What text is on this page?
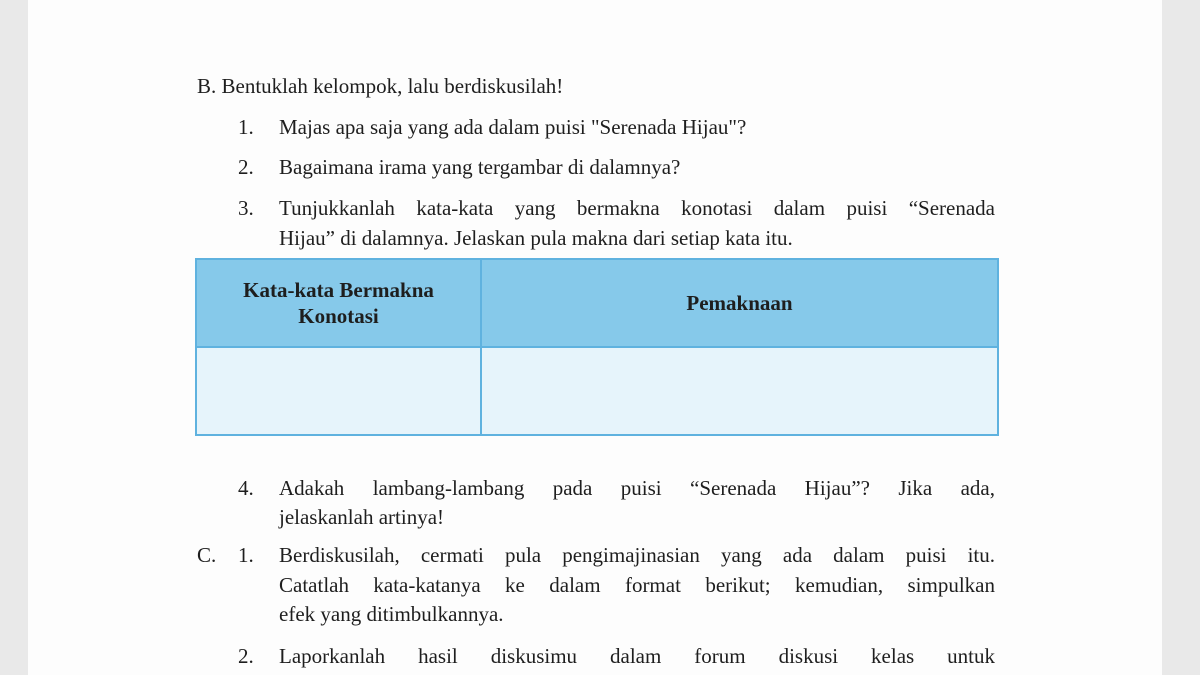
B. Bentuklah kelompok, lalu berdiskusilah!
1. Majas apa saja yang ada dalam puisi "Serenada Hijau"?
2. Bagaimana irama yang tergambar di dalamnya?
3. Tunjukkanlah kata-kata yang bermakna konotasi dalam puisi “Serenada
Hijau” di dalamnya. Jelaskan pula makna dari setiap kata itu.
Kata-kata Bermakna Konotasi	Pemaknaan

4. Adakah lambang-lambang pada puisi “Serenada Hijau”? Jika ada,
jelaskanlah artinya!
C. 1. Berdiskusilah, cermati pula pengimajinasian yang ada dalam puisi itu.
Catatlah kata-katanya ke dalam format berikut; kemudian, simpulkan
efek yang ditimbulkannya.
2. Laporkanlah hasil diskusimu dalam forum diskusi kelas untuk
